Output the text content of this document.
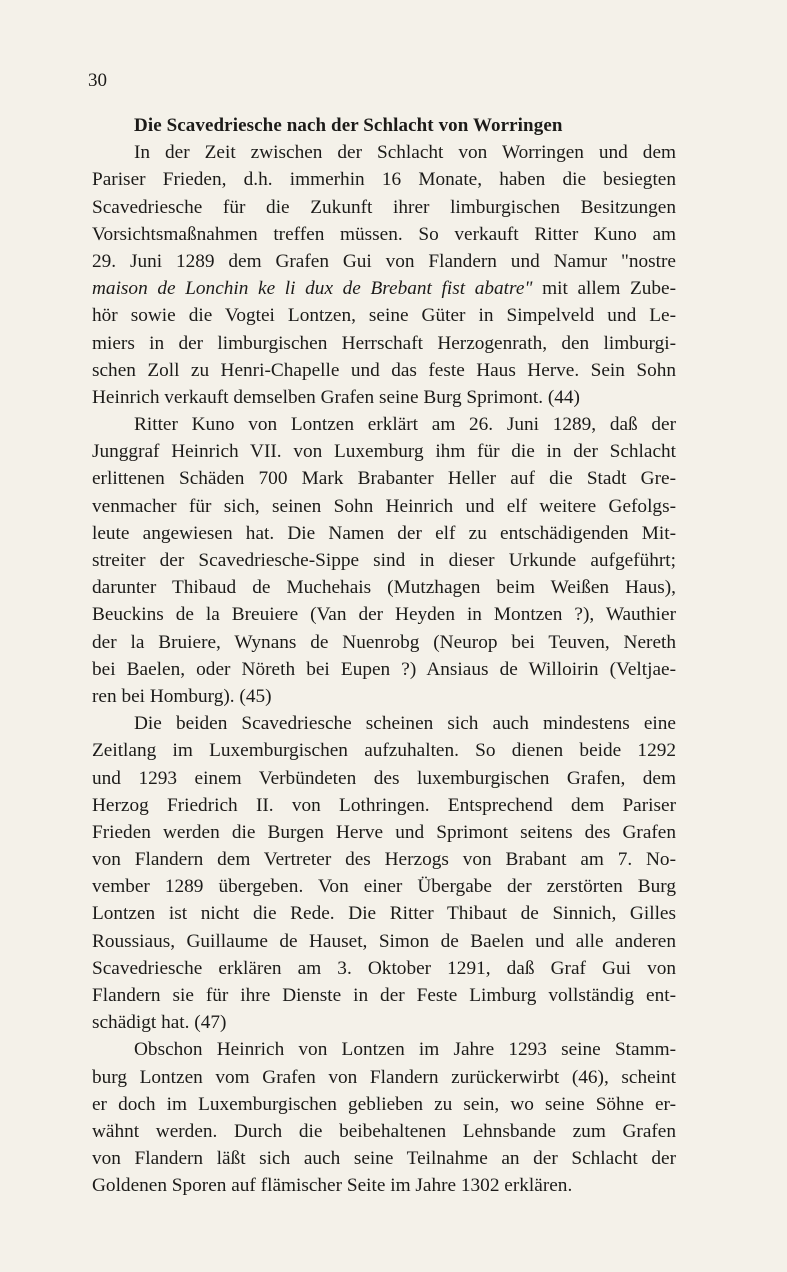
30
Die Scavedriesche nach der Schlacht von Worringen
In der Zeit zwischen der Schlacht von Worringen und dem
Pariser Frieden, d.h. immerhin 16 Monate, haben die besiegten
Scavedriesche für die Zukunft ihrer limburgischen Besitzungen
Vorsichtsmaßnahmen treffen müssen. So verkauft Ritter Kuno am
29. Juni 1289 dem Grafen Gui von Flandern und Namur "nostre
maison de Lonchin ke li dux de Brebant fist abatre" mit allem Zube-
hör sowie die Vogtei Lontzen, seine Güter in Simpelveld und Le-
miers in der limburgischen Herrschaft Herzogenrath, den limburgi-
schen Zoll zu Henri-Chapelle und das feste Haus Herve. Sein Sohn
Heinrich verkauft demselben Grafen seine Burg Sprimont. (44)
Ritter Kuno von Lontzen erklärt am 26. Juni 1289, daß der
Junggraf Heinrich VII. von Luxemburg ihm für die in der Schlacht
erlittenen Schäden 700 Mark Brabanter Heller auf die Stadt Gre-
venmacher für sich, seinen Sohn Heinrich und elf weitere Gefolgs-
leute angewiesen hat. Die Namen der elf zu entschädigenden Mit-
streiter der Scavedriesche-Sippe sind in dieser Urkunde aufgeführt;
darunter Thibaud de Muchehais (Mutzhagen beim Weißen Haus),
Beuckins de la Breuiere (Van der Heyden in Montzen ?), Wauthier
der la Bruiere, Wynans de Nuenrobg (Neurop bei Teuven, Nereth
bei Baelen, oder Nöreth bei Eupen ?) Ansiaus de Willoirin (Veltjae-
ren bei Homburg). (45)
Die beiden Scavedriesche scheinen sich auch mindestens eine
Zeitlang im Luxemburgischen aufzuhalten. So dienen beide 1292
und 1293 einem Verbündeten des luxemburgischen Grafen, dem
Herzog Friedrich II. von Lothringen. Entsprechend dem Pariser
Frieden werden die Burgen Herve und Sprimont seitens des Grafen
von Flandern dem Vertreter des Herzogs von Brabant am 7. No-
vember 1289 übergeben. Von einer Übergabe der zerstörten Burg
Lontzen ist nicht die Rede. Die Ritter Thibaut de Sinnich, Gilles
Roussiaus, Guillaume de Hauset, Simon de Baelen und alle anderen
Scavedriesche erklären am 3. Oktober 1291, daß Graf Gui von
Flandern sie für ihre Dienste in der Feste Limburg vollständig ent-
schädigt hat. (47)
Obschon Heinrich von Lontzen im Jahre 1293 seine Stamm-
burg Lontzen vom Grafen von Flandern zurückerwirbt (46), scheint
er doch im Luxemburgischen geblieben zu sein, wo seine Söhne er-
wähnt werden. Durch die beibehaltenen Lehnsbande zum Grafen
von Flandern läßt sich auch seine Teilnahme an der Schlacht der
Goldenen Sporen auf flämischer Seite im Jahre 1302 erklären.
